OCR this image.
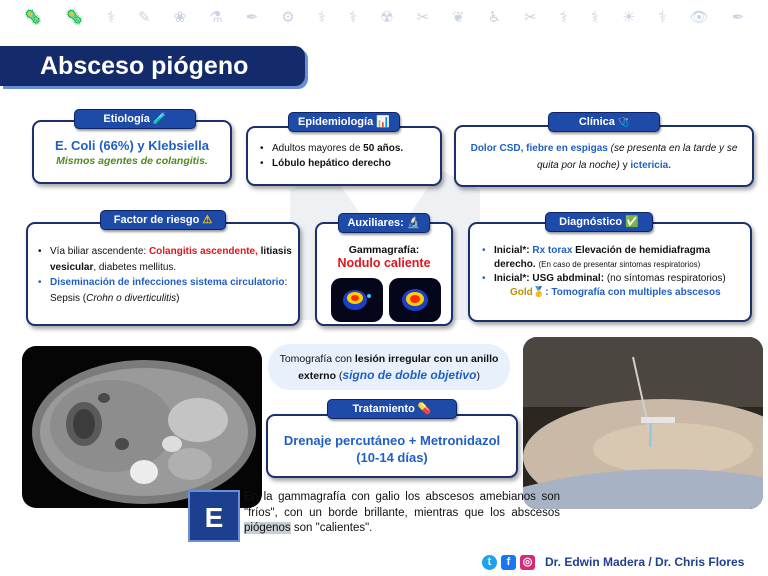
🦠 🦠 ⚕ ✎ ❀ ⚗ ✒ ⚙ ⚕ ⚕ ☢ ✂ ❦ ♿ ✂ ⚕ ⚕ ☀ ⚕ 👁 ✒
Absceso piógeno
E. Coli (66%) y Klebsiella
Mismos agentes de colangitis.
Etiología 🧪
• Adultos mayores de 50 años.
• Lóbulo hepático derecho
Epidemiología 📊
Dolor CSD, fiebre en espigas (se presenta en la tarde y se quita por la noche) y ictericia.
Clínica 🩺
• Vía biliar ascendente: Colangitis ascendente, litiasis vesicular, diabetes mellitus.
• Diseminación de infecciones sistema circulatorio: Sepsis (Crohn o diverticulitis)
Factor de riesgo ⚠
Gammagrafía:
Nodulo caliente
Auxiliares: 🔬
• Inicial*: Rx torax Elevación de hemidiafragma derecho. (En caso de presentar sintomas respiratorios)
• Inicial*: USG abdminal: (no síntomas respiratorios)
Gold🥇: Tomografía con multiples abscesos
Diagnóstico ✅
Tomografía con lesión irregular con un anillo externo (signo de doble objetivo)
Drenaje percutáneo + Metronidazol
(10-14 días)
Tratamiento 💊
E
En la gammagrafía con galio los abscesos amebianos son "fríos", con un borde brillante, mientras que los abscesos piógenos son "calientes".
t	f	◎ Dr. Edwin Madera / Dr. Chris Flores
